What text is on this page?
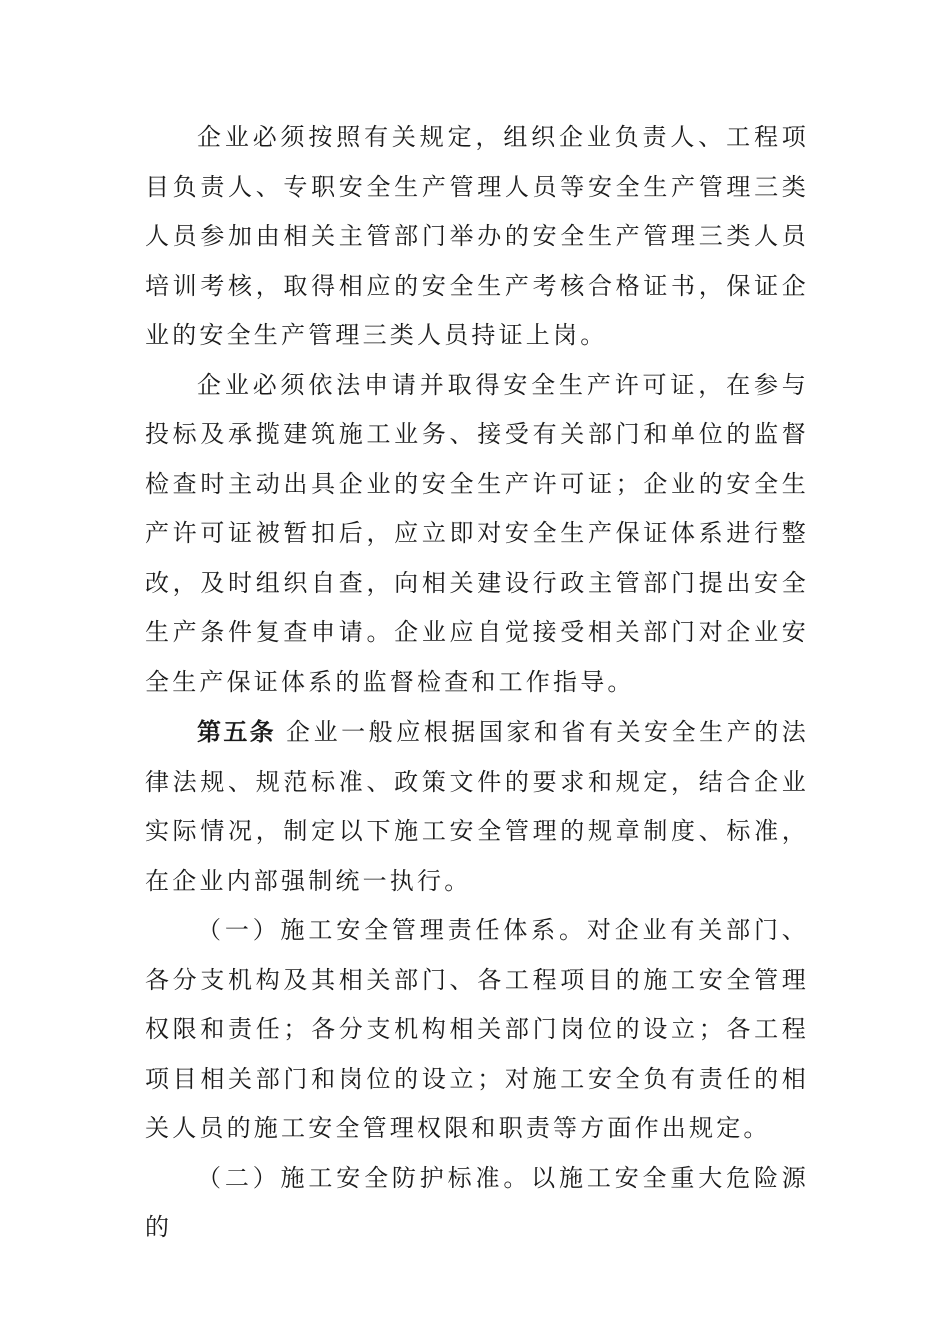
企业必须按照有关规定，组织企业负责人、工程项目负责人、专职安全生产管理人员等安全生产管理三类人员参加由相关主管部门举办的安全生产管理三类人员培训考核，取得相应的安全生产考核合格证书，保证企业的安全生产管理三类人员持证上岗。

企业必须依法申请并取得安全生产许可证，在参与投标及承揽建筑施工业务、接受有关部门和单位的监督检查时主动出具企业的安全生产许可证；企业的安全生产许可证被暂扣后，应立即对安全生产保证体系进行整改，及时组织自查，向相关建设行政主管部门提出安全生产条件复查申请。企业应自觉接受相关部门对企业安全生产保证体系的监督检查和工作指导。

第五条 企业一般应根据国家和省有关安全生产的法律法规、规范标准、政策文件的要求和规定，结合企业实际情况，制定以下施工安全管理的规章制度、标准，在企业内部强制统一执行。

（一）施工安全管理责任体系。对企业有关部门、各分支机构及其相关部门、各工程项目的施工安全管理权限和责任；各分支机构相关部门岗位的设立；各工程项目相关部门和岗位的设立；对施工安全负有责任的相关人员的施工安全管理权限和职责等方面作出规定。

（二）施工安全防护标准。以施工安全重大危险源的
